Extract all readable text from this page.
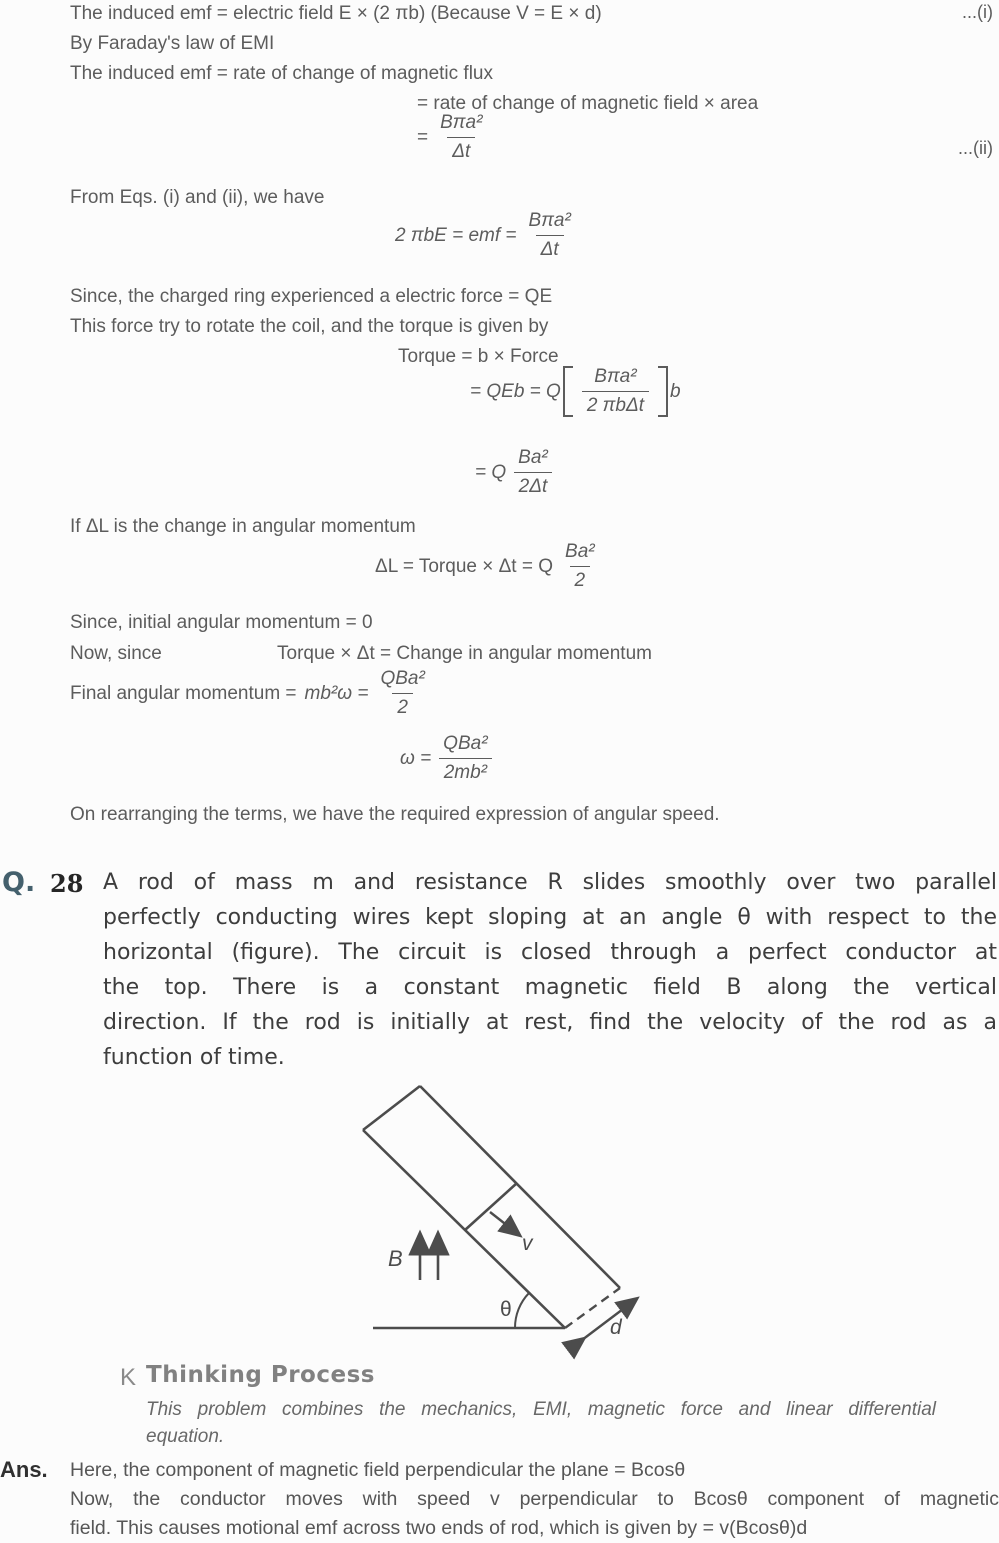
The induced emf = electric field E × (2 πb) (Because V = E × d)	...(i)
By Faraday's law of EMI
The induced emf = rate of change of magnetic flux
= rate of change of magnetic field × area
= $\frac{\text{Bπa²}}{\Delta t}$	...(ii)
From Eqs. (i) and (ii), we have
2 πbE = emf = $\frac{\text{Bπa²}}{\Delta t}$
Since, the charged ring experienced a electric force = QE
This force try to rotate the coil, and the torque is given by
Torque = b × Force
= QEb = Q $\frac{\text{Bπa²}}{\text{2 πbΔt}}$ b
= Q $\frac{\text{Ba²}}{2\Delta t}$
If ΔL is the change in angular momentum
ΔL = Torque × Δt = Q $\frac{\text{Ba²}}{2}$
Since, initial angular momentum = 0
Now, since	Torque × Δt = Change in angular momentum
Final angular momentum = $mb^2\omega = \frac{\text{QBa²}}{2}$
$\omega = \frac{\text{QBa²}}{\text{2mb²}}$
On rearranging the terms, we have the required expression of angular speed.
Q. 28 A rod of mass m and resistance R slides smoothly over two parallel
perfectly conducting wires kept sloping at an angle θ with respect to the
horizontal (figure). The circuit is closed through a perfect conductor at
the top. There is a constant magnetic field B along the vertical
direction. If the rod is initially at rest, find the velocity of the rod as a
function of time.
v
B
θ
d
K Thinking Process
This problem combines the mechanics, EMI, magnetic force and linear differential
equation.
Ans. Here, the component of magnetic field perpendicular the plane = Bcosθ
Now, the conductor moves with speed v perpendicular to Bcosθ component of magnetic
field. This causes motional emf across two ends of rod, which is given by = v(Bcosθ)d
